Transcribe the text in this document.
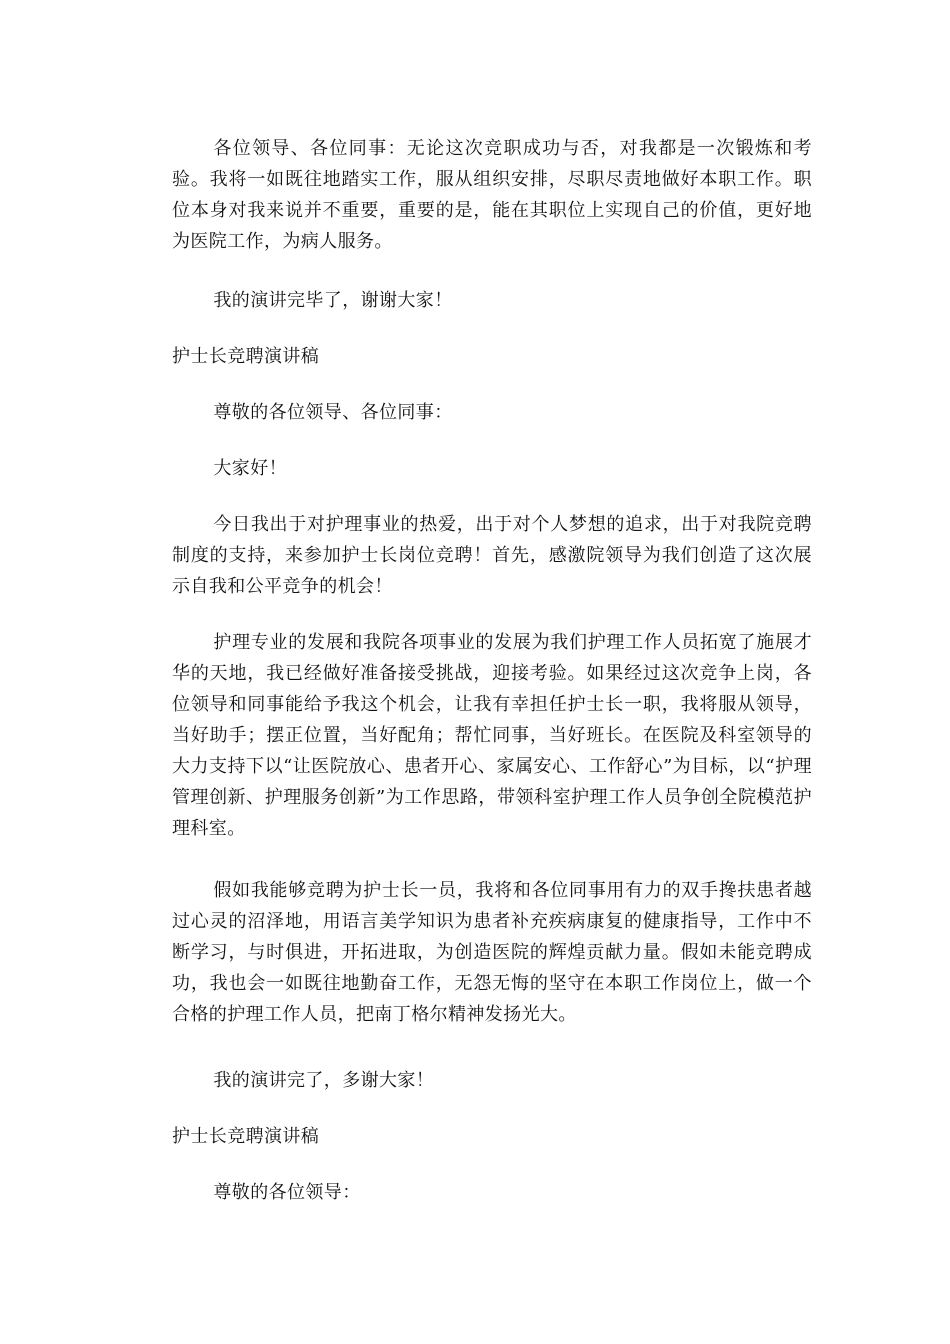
各位领导、各位同事：无论这次竞职成功与否，对我都是一次锻炼和考验。我将一如既往地踏实工作，服从组织安排，尽职尽责地做好本职工作。职位本身对我来说并不重要，重要的是，能在其职位上实现自己的价值，更好地为医院工作，为病人服务。

我的演讲完毕了，谢谢大家！

护士长竞聘演讲稿

尊敬的各位领导、各位同事：

大家好！

今日我出于对护理事业的热爱，出于对个人梦想的追求，出于对我院竞聘制度的支持，来参加护士长岗位竞聘！首先，感激院领导为我们创造了这次展示自我和公平竞争的机会！

护理专业的发展和我院各项事业的发展为我们护理工作人员拓宽了施展才华的天地，我已经做好准备接受挑战，迎接考验。如果经过这次竞争上岗，各位领导和同事能给予我这个机会，让我有幸担任护士长一职，我将服从领导，当好助手；摆正位置，当好配角；帮忙同事，当好班长。在医院及科室领导的大力支持下以“让医院放心、患者开心、家属安心、工作舒心”为目标，以“护理管理创新、护理服务创新”为工作思路，带领科室护理工作人员争创全院模范护理科室。

假如我能够竞聘为护士长一员，我将和各位同事用有力的双手搀扶患者越过心灵的沼泽地，用语言美学知识为患者补充疾病康复的健康指导，工作中不断学习，与时俱进，开拓进取，为创造医院的辉煌贡献力量。假如未能竞聘成功，我也会一如既往地勤奋工作，无怨无悔的坚守在本职工作岗位上，做一个合格的护理工作人员，把南丁格尔精神发扬光大。

我的演讲完了，多谢大家！

护士长竞聘演讲稿

尊敬的各位领导：
